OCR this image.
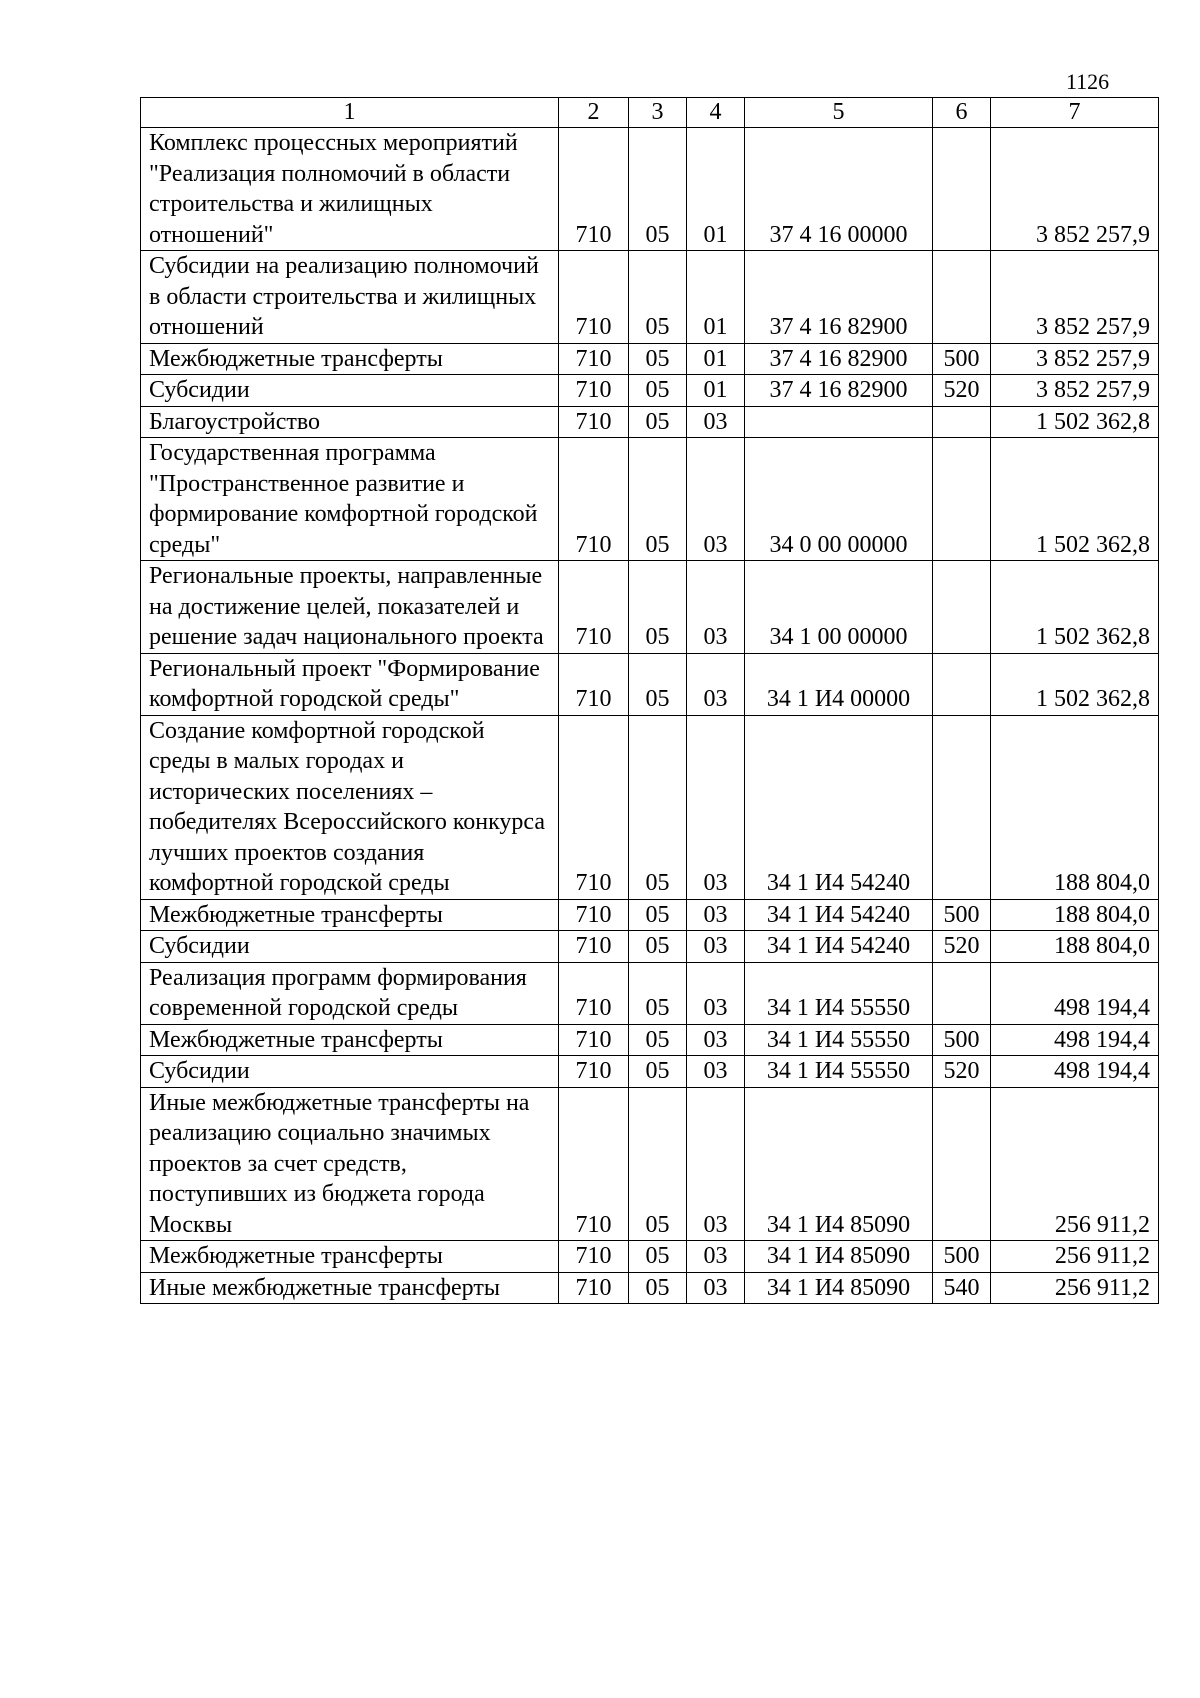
1126
1	2	3	4	5	6	7
Комплекс процессных мероприятий "Реализация полномочий в области строительства и жилищных отношений"	710	05	01	37 4 16 00000		3 852 257,9
Субсидии на реализацию полномочий в области строительства и жилищных отношений	710	05	01	37 4 16 82900		3 852 257,9
Межбюджетные трансферты	710	05	01	37 4 16 82900	500	3 852 257,9
Субсидии	710	05	01	37 4 16 82900	520	3 852 257,9
Благоустройство	710	05	03			1 502 362,8
Государственная программа "Пространственное развитие и формирование комфортной городской среды"	710	05	03	34 0 00 00000		1 502 362,8
Региональные проекты, направленные на достижение целей, показателей и решение задач национального проекта	710	05	03	34 1 00 00000		1 502 362,8
Региональный проект "Формирование комфортной городской среды"	710	05	03	34 1 И4 00000		1 502 362,8
Создание комфортной городской среды в малых городах и исторических поселениях – победителях Всероссийского конкурса лучших проектов создания комфортной городской среды	710	05	03	34 1 И4 54240		188 804,0
Межбюджетные трансферты	710	05	03	34 1 И4 54240	500	188 804,0
Субсидии	710	05	03	34 1 И4 54240	520	188 804,0
Реализация программ формирования современной городской среды	710	05	03	34 1 И4 55550		498 194,4
Межбюджетные трансферты	710	05	03	34 1 И4 55550	500	498 194,4
Субсидии	710	05	03	34 1 И4 55550	520	498 194,4
Иные межбюджетные трансферты на реализацию социально значимых проектов за счет средств, поступивших из бюджета города Москвы	710	05	03	34 1 И4 85090		256 911,2
Межбюджетные трансферты	710	05	03	34 1 И4 85090	500	256 911,2
Иные межбюджетные трансферты	710	05	03	34 1 И4 85090	540	256 911,2
